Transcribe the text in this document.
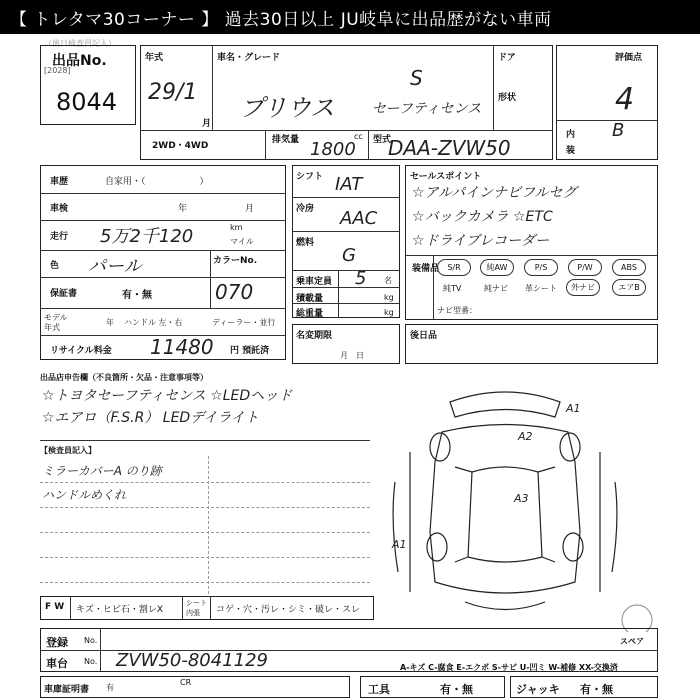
【 トレタマ30コーナー 】 過去30日以上 JU岐阜に出品歴がない車両
（後日検査員記入）
出品No.
[2028]
8044
年式
29/1
月
車名・グレード
S
プリウス	セーフティセンス
ドア
形状
2WD・4WD
排気量	cc
1800 型式
DAA-ZVW50
評価点
4
内
装
B
車歴	自家用・（　　　　　　）
車検	年	月
走行 5万2千120	km
マイル
色 パール	カラーNo.
070
保証書	有・無
モデル
年式
年 ハンドル 左・右	ディーラー・並行
リサイクル料金 11480 円 預託済
シフト IAT
冷房 AAC
燃料
G
乗車定員 5 名
積載量	kg
総重量	kg
名変期限
月　日
セールスポイント
☆アルパインナビフルセグ
☆バックカメラ ☆ETC
☆ドライブレコーダー
装備品	S/R	純AW	P/S	P/W	ABS
純TV	純ナビ 革シート	外ナビ	エアB
ナビ型番：
後日品
出品店申告欄（不良箇所・欠品・注意事項等）
☆トヨタセーフティセンス ☆LEDヘッド
☆エアロ（F.S.R） LEDデイライト
【検査員記入】
ミラーカバーA のり跡
ハンドルめくれ
A1
A2
A3
A1
スペア
F W キズ・ヒビ石・割レX
シート
内張 コゲ・穴・汚レ・シミ・破レ・スレ
登録 No.
車台 No. ZVW50-8041129	A-キズ C-腐食 E-エクボ S-サビ U-凹ミ W-補修 XX-交換済
車庫証明書 有
CR
工具	有・無	ジャッキ 有・無
